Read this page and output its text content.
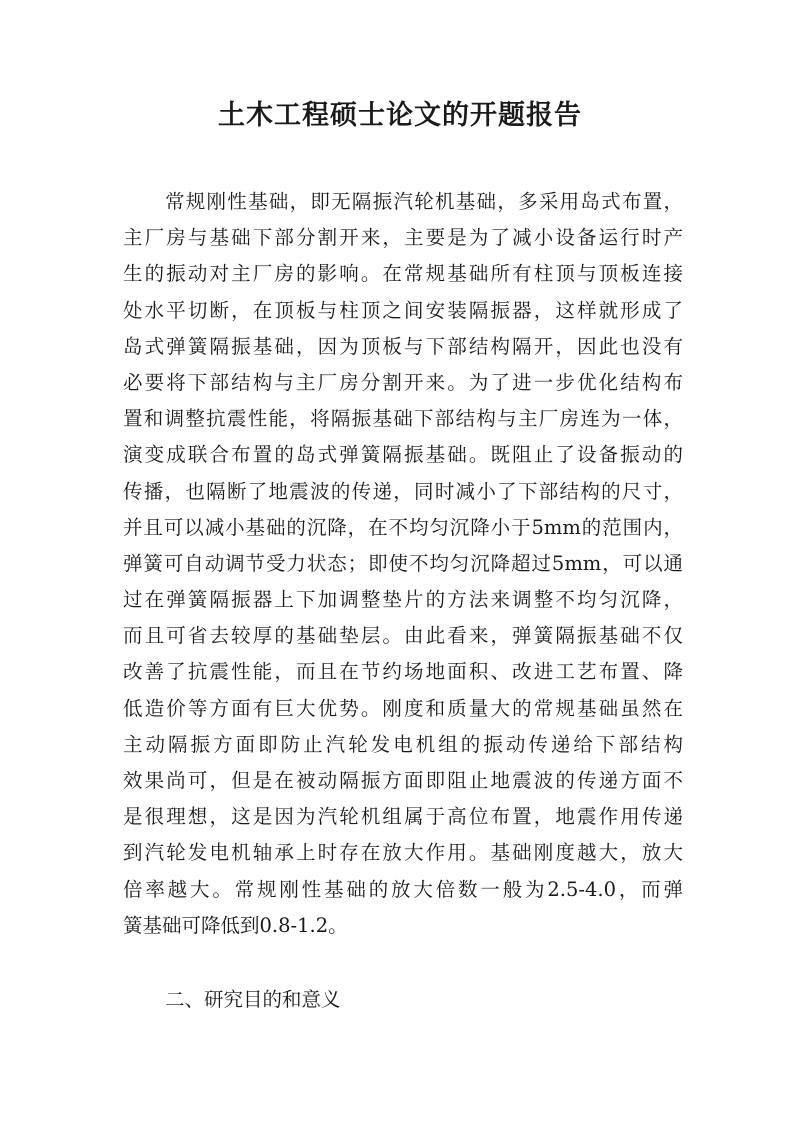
土木工程硕士论文的开题报告
常规刚性基础，即无隔振汽轮机基础，多采用岛式布置，
主厂房与基础下部分割开来，主要是为了减小设备运行时产
生的振动对主厂房的影响。在常规基础所有柱顶与顶板连接
处水平切断，在顶板与柱顶之间安装隔振器，这样就形成了
岛式弹簧隔振基础，因为顶板与下部结构隔开，因此也没有
必要将下部结构与主厂房分割开来。为了进一步优化结构布
置和调整抗震性能，将隔振基础下部结构与主厂房连为一体，
演变成联合布置的岛式弹簧隔振基础。既阻止了设备振动的
传播，也隔断了地震波的传递，同时减小了下部结构的尺寸，
并且可以减小基础的沉降，在不均匀沉降小于5mm的范围内，
弹簧可自动调节受力状态；即使不均匀沉降超过5mm，可以通
过在弹簧隔振器上下加调整垫片的方法来调整不均匀沉降，
而且可省去较厚的基础垫层。由此看来，弹簧隔振基础不仅
改善了抗震性能，而且在节约场地面积、改进工艺布置、降
低造价等方面有巨大优势。刚度和质量大的常规基础虽然在
主动隔振方面即防止汽轮发电机组的振动传递给下部结构
效果尚可，但是在被动隔振方面即阻止地震波的传递方面不
是很理想，这是因为汽轮机组属于高位布置，地震作用传递
到汽轮发电机轴承上时存在放大作用。基础刚度越大，放大
倍率越大。常规刚性基础的放大倍数一般为2.5-4.0，而弹
簧基础可降低到0.8-1.2。
二、研究目的和意义
